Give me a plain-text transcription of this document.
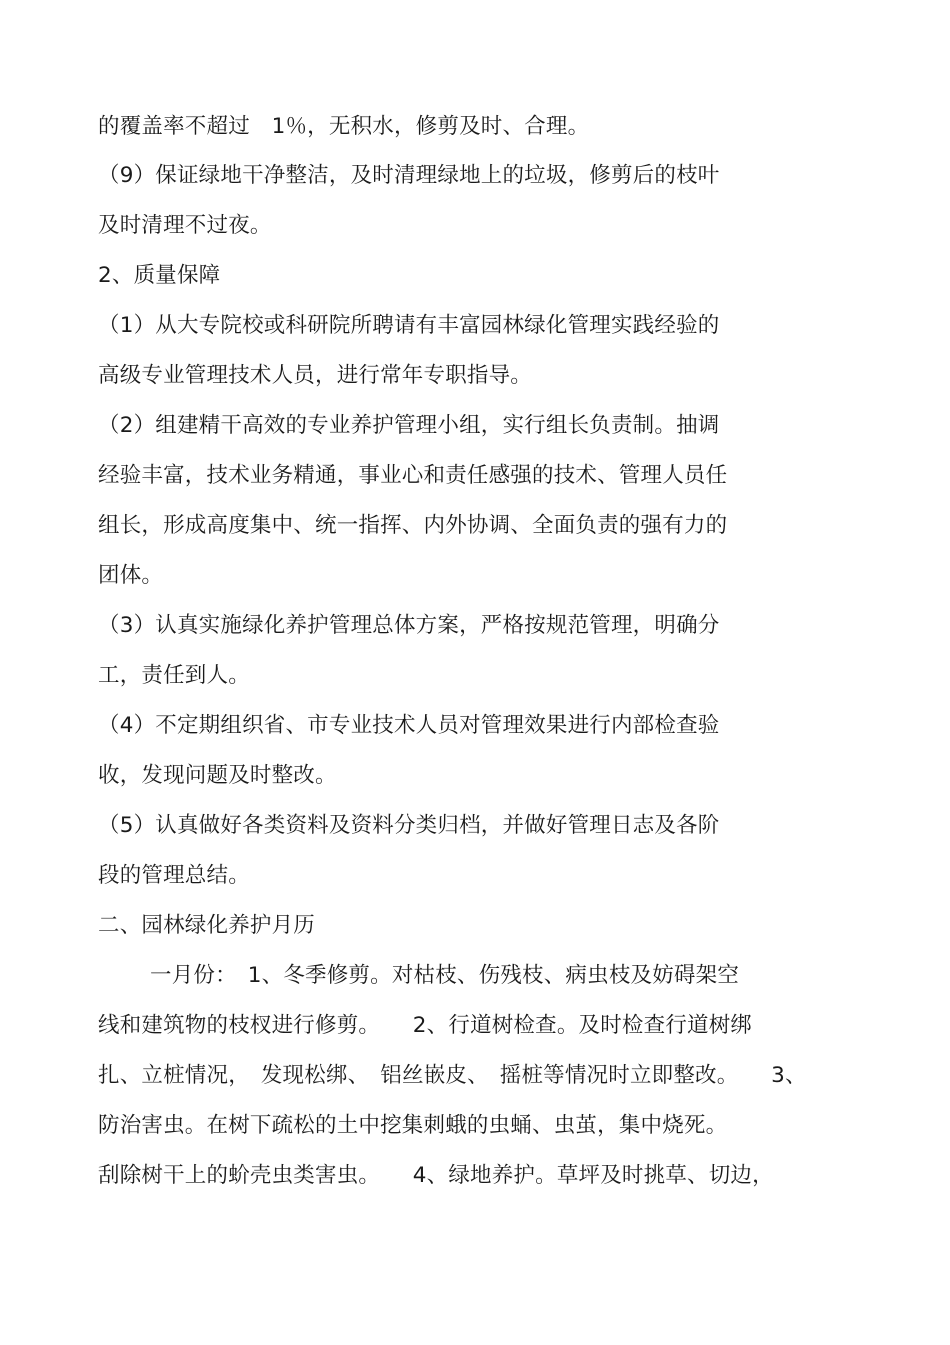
的覆盖率不超过　1％，无积水，修剪及时、合理。
（9）保证绿地干净整洁，及时清理绿地上的垃圾，修剪后的枝叶
及时清理不过夜。
2、质量保障
（1）从大专院校或科研院所聘请有丰富园林绿化管理实践经验的
高级专业管理技术人员，进行常年专职指导。
（2）组建精干高效的专业养护管理小组，实行组长负责制。抽调
经验丰富，技术业务精通，事业心和责任感强的技术、管理人员任
组长，形成高度集中、统一指挥、内外协调、全面负责的强有力的
团体。
（3）认真实施绿化养护管理总体方案，严格按规范管理，明确分
工，责任到人。
（4）不定期组织省、市专业技术人员对管理效果进行内部检查验
收，发现问题及时整改。
（5）认真做好各类资料及资料分类归档，并做好管理日志及各阶
段的管理总结。
二、园林绿化养护月历
一月份：　1、冬季修剪。对枯枝、伤残枝、病虫枝及妨碍架空
线和建筑物的枝杈进行修剪。　　2、行道树检查。及时检查行道树绑
扎、立桩情况，　发现松绑、　铝丝嵌皮、　摇桩等情况时立即整改。　　3、
防治害虫。在树下疏松的土中挖集刺蛾的虫蛹、虫茧，集中烧死。
刮除树干上的蚧壳虫类害虫。　　4、绿地养护。草坪及时挑草、切边，
